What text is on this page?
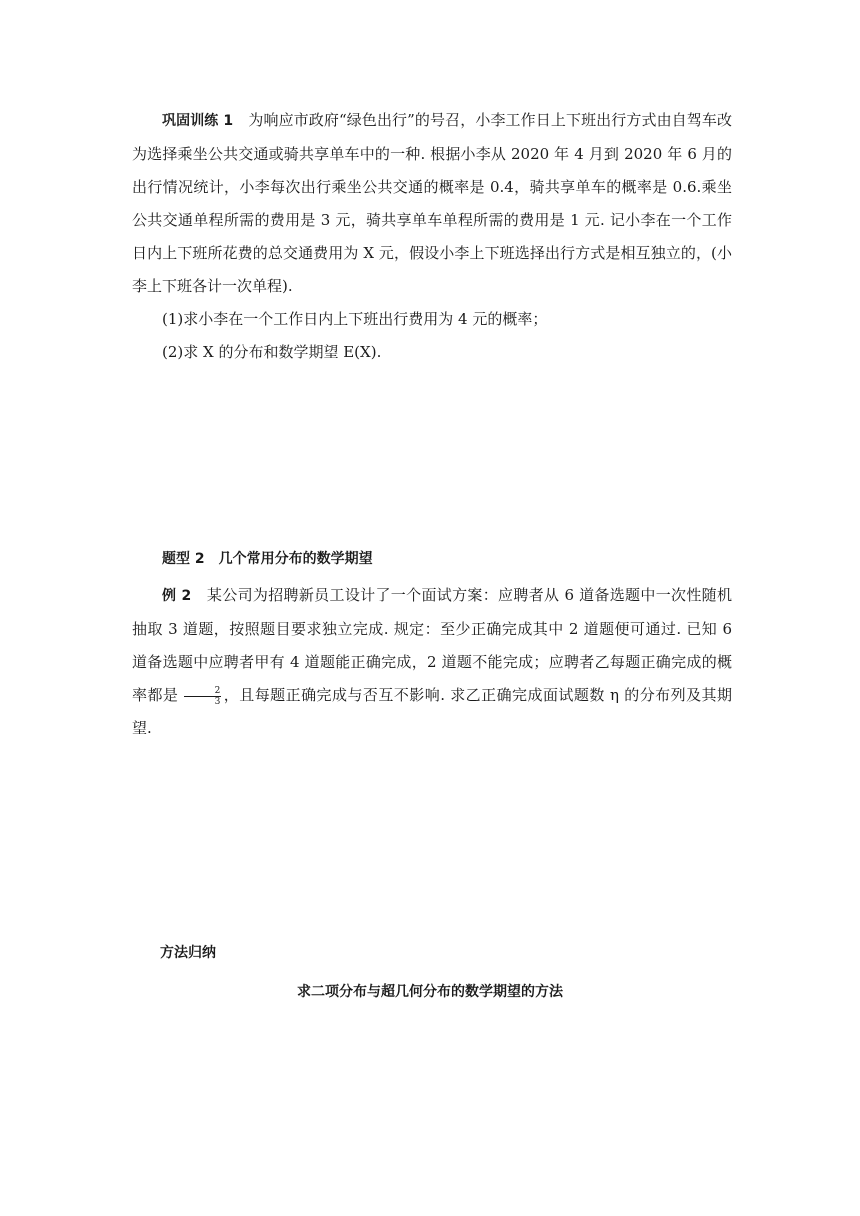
巩固训练 1　 为响应市政府“绿色出行”的号召，小李工作日上下班出行方式由自驾车改为选择乘坐公共交通或骑共享单车中的一种. 根据小李从 2020 年 4 月到 2020 年 6 月的出行情况统计，小李每次出行乘坐公共交通的概率是 0.4，骑共享单车的概率是 0.6.乘坐公共交通单程所需的费用是 3 元，骑共享单车单程所需的费用是 1 元. 记小李在一个工作日内上下班所花费的总交通费用为 X 元，假设小李上下班选择出行方式是相互独立的，(小李上下班各计一次单程).

(1)求小李在一个工作日内上下班出行费用为 4 元的概率；

(2)求 X 的分布和数学期望 E(X).

题型 2　几个常用分布的数学期望

例 2　 某公司为招聘新员工设计了一个面试方案：应聘者从 6 道备选题中一次性随机抽取 3 道题，按照题目要求独立完成. 规定：至少正确完成其中 2 道题便可通过. 已知 6 道备选题中应聘者甲有 4 道题能正确完成，2 道题不能完成；应聘者乙每题正确完成的概率都是 $\frac{2}{3}$ ，且每题正确完成与否互不影响. 求乙正确完成面试题数 η 的分布列及其期望.

方法归纳

求二项分布与超几何分布的数学期望的方法
